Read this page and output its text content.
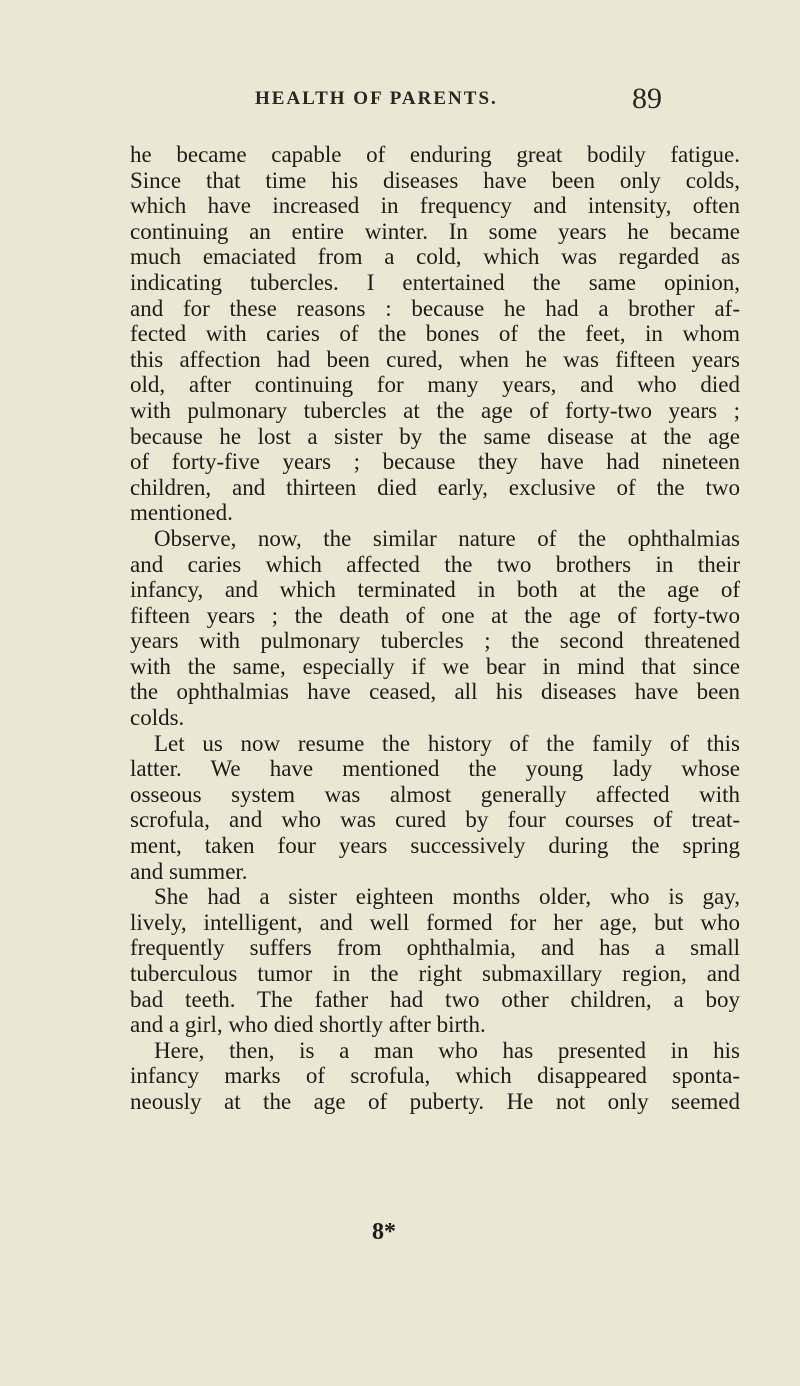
HEALTH OF PARENTS.	89
he became capable of enduring great bodily fatigue.
Since that time his diseases have been only colds,
which have increased in frequency and intensity, often
continuing an entire winter. In some years he became
much emaciated from a cold, which was regarded as
indicating tubercles. I entertained the same opinion,
and for these reasons : because he had a brother af-
fected with caries of the bones of the feet, in whom
this affection had been cured, when he was fifteen years
old, after continuing for many years, and who died
with pulmonary tubercles at the age of forty-two years ;
because he lost a sister by the same disease at the age
of forty-five years ; because they have had nineteen
children, and thirteen died early, exclusive of the two
mentioned.
Observe, now, the similar nature of the ophthalmias
and caries which affected the two brothers in their
infancy, and which terminated in both at the age of
fifteen years ; the death of one at the age of forty-two
years with pulmonary tubercles ; the second threatened
with the same, especially if we bear in mind that since
the ophthalmias have ceased, all his diseases have been
colds.
Let us now resume the history of the family of this
latter. We have mentioned the young lady whose
osseous system was almost generally affected with
scrofula, and who was cured by four courses of treat-
ment, taken four years successively during the spring
and summer.
She had a sister eighteen months older, who is gay,
lively, intelligent, and well formed for her age, but who
frequently suffers from ophthalmia, and has a small
tuberculous tumor in the right submaxillary region, and
bad teeth. The father had two other children, a boy
and a girl, who died shortly after birth.
Here, then, is a man who has presented in his
infancy marks of scrofula, which disappeared sponta-
neously at the age of puberty. He not only seemed
8*
